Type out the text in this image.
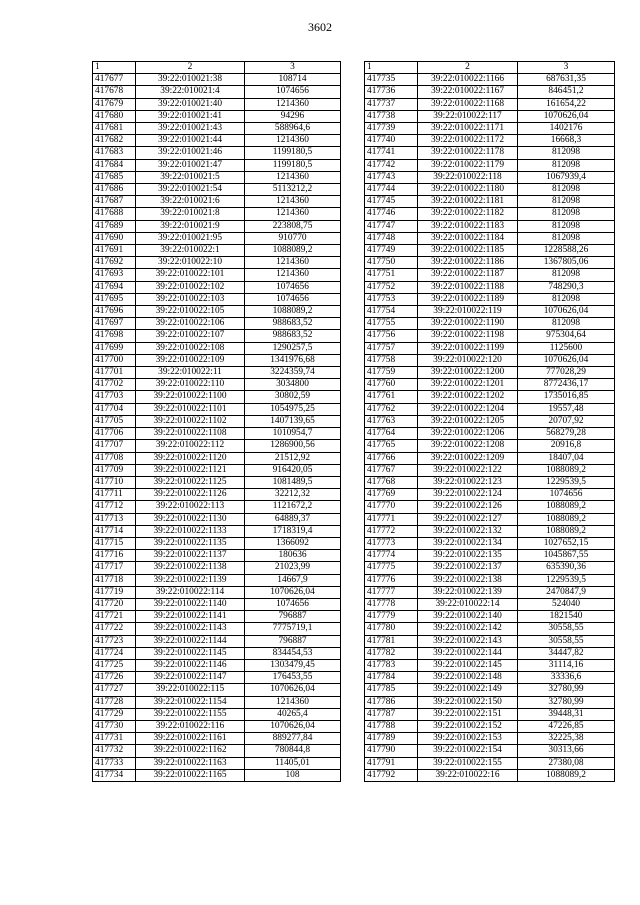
3602
1	2	3
417677	39:22:010021:38	108714
417678	39:22:010021:4	1074656
417679	39:22:010021:40	1214360
417680	39:22:010021:41	94296
417681	39:22:010021:43	588964,6
417682	39:22:010021:44	1214360
417683	39:22:010021:46	1199180,5
417684	39:22:010021:47	1199180,5
417685	39:22:010021:5	1214360
417686	39:22:010021:54	5113212,2
417687	39:22:010021:6	1214360
417688	39:22:010021:8	1214360
417689	39:22:010021:9	223808,75
417690	39:22:010021:95	910770
417691	39:22:010022:1	1088089,2
417692	39:22:010022:10	1214360
417693	39:22:010022:101	1214360
417694	39:22:010022:102	1074656
417695	39:22:010022:103	1074656
417696	39:22:010022:105	1088089,2
417697	39:22:010022:106	988683,52
417698	39:22:010022:107	988683,52
417699	39:22:010022:108	1290257,5
417700	39:22:010022:109	1341976,68
417701	39:22:010022:11	3224359,74
417702	39:22:010022:110	3034800
417703	39:22:010022:1100	30802,59
417704	39:22:010022:1101	1054975,25
417705	39:22:010022:1102	1407139,65
417706	39:22:010022:1108	1010954,7
417707	39:22:010022:112	1286900,56
417708	39:22:010022:1120	21512,92
417709	39:22:010022:1121	916420,05
417710	39:22:010022:1125	1081489,5
417711	39:22:010022:1126	32212,32
417712	39:22:010022:113	1121672,2
417713	39:22:010022:1130	64889,37
417714	39:22:010022:1133	1718319,4
417715	39:22:010022:1135	1366092
417716	39:22:010022:1137	180636
417717	39:22:010022:1138	21023,99
417718	39:22:010022:1139	14667,9
417719	39:22:010022:114	1070626,04
417720	39:22:010022:1140	1074656
417721	39:22:010022:1141	796887
417722	39:22:010022:1143	7775719,1
417723	39:22:010022:1144	796887
417724	39:22:010022:1145	834454,53
417725	39:22:010022:1146	1303479,45
417726	39:22:010022:1147	176453,55
417727	39:22:010022:115	1070626,04
417728	39:22:010022:1154	1214360
417729	39:22:010022:1155	40265,4
417730	39:22:010022:116	1070626,04
417731	39:22:010022:1161	889277,84
417732	39:22:010022:1162	780844,8
417733	39:22:010022:1163	11405,01
417734	39:22:010022:1165	108
1	2	3
417735	39:22:010022:1166	687631,35
417736	39:22:010022:1167	846451,2
417737	39:22:010022:1168	161654,22
417738	39:22:010022:117	1070626,04
417739	39:22:010022:1171	1402176
417740	39:22:010022:1172	16668,3
417741	39:22:010022:1178	812098
417742	39:22:010022:1179	812098
417743	39:22:010022:118	1067939,4
417744	39:22:010022:1180	812098
417745	39:22:010022:1181	812098
417746	39:22:010022:1182	812098
417747	39:22:010022:1183	812098
417748	39:22:010022:1184	812098
417749	39:22:010022:1185	1228588,26
417750	39:22:010022:1186	1367805,06
417751	39:22:010022:1187	812098
417752	39:22:010022:1188	748290,3
417753	39:22:010022:1189	812098
417754	39:22:010022:119	1070626,04
417755	39:22:010022:1190	812098
417756	39:22:010022:1198	975304,64
417757	39:22:010022:1199	1125600
417758	39:22:010022:120	1070626,04
417759	39:22:010022:1200	777028,29
417760	39:22:010022:1201	8772436,17
417761	39:22:010022:1202	1735016,85
417762	39:22:010022:1204	19557,48
417763	39:22:010022:1205	20707,92
417764	39:22:010022:1206	568279,28
417765	39:22:010022:1208	20916,8
417766	39:22:010022:1209	18407,04
417767	39:22:010022:122	1088089,2
417768	39:22:010022:123	1229539,5
417769	39:22:010022:124	1074656
417770	39:22:010022:126	1088089,2
417771	39:22:010022:127	1088089,2
417772	39:22:010022:132	1088089,2
417773	39:22:010022:134	1027652,15
417774	39:22:010022:135	1045867,55
417775	39:22:010022:137	635390,36
417776	39:22:010022:138	1229539,5
417777	39:22:010022:139	2470847,9
417778	39:22:010022:14	524040
417779	39:22:010022:140	1821540
417780	39:22:010022:142	30558,55
417781	39:22:010022:143	30558,55
417782	39:22:010022:144	34447,82
417783	39:22:010022:145	31114,16
417784	39:22:010022:148	33336,6
417785	39:22:010022:149	32780,99
417786	39:22:010022:150	32780,99
417787	39:22:010022:151	39448,31
417788	39:22:010022:152	47226,85
417789	39:22:010022:153	32225,38
417790	39:22:010022:154	30313,66
417791	39:22:010022:155	27380,08
417792	39:22:010022:16	1088089,2
